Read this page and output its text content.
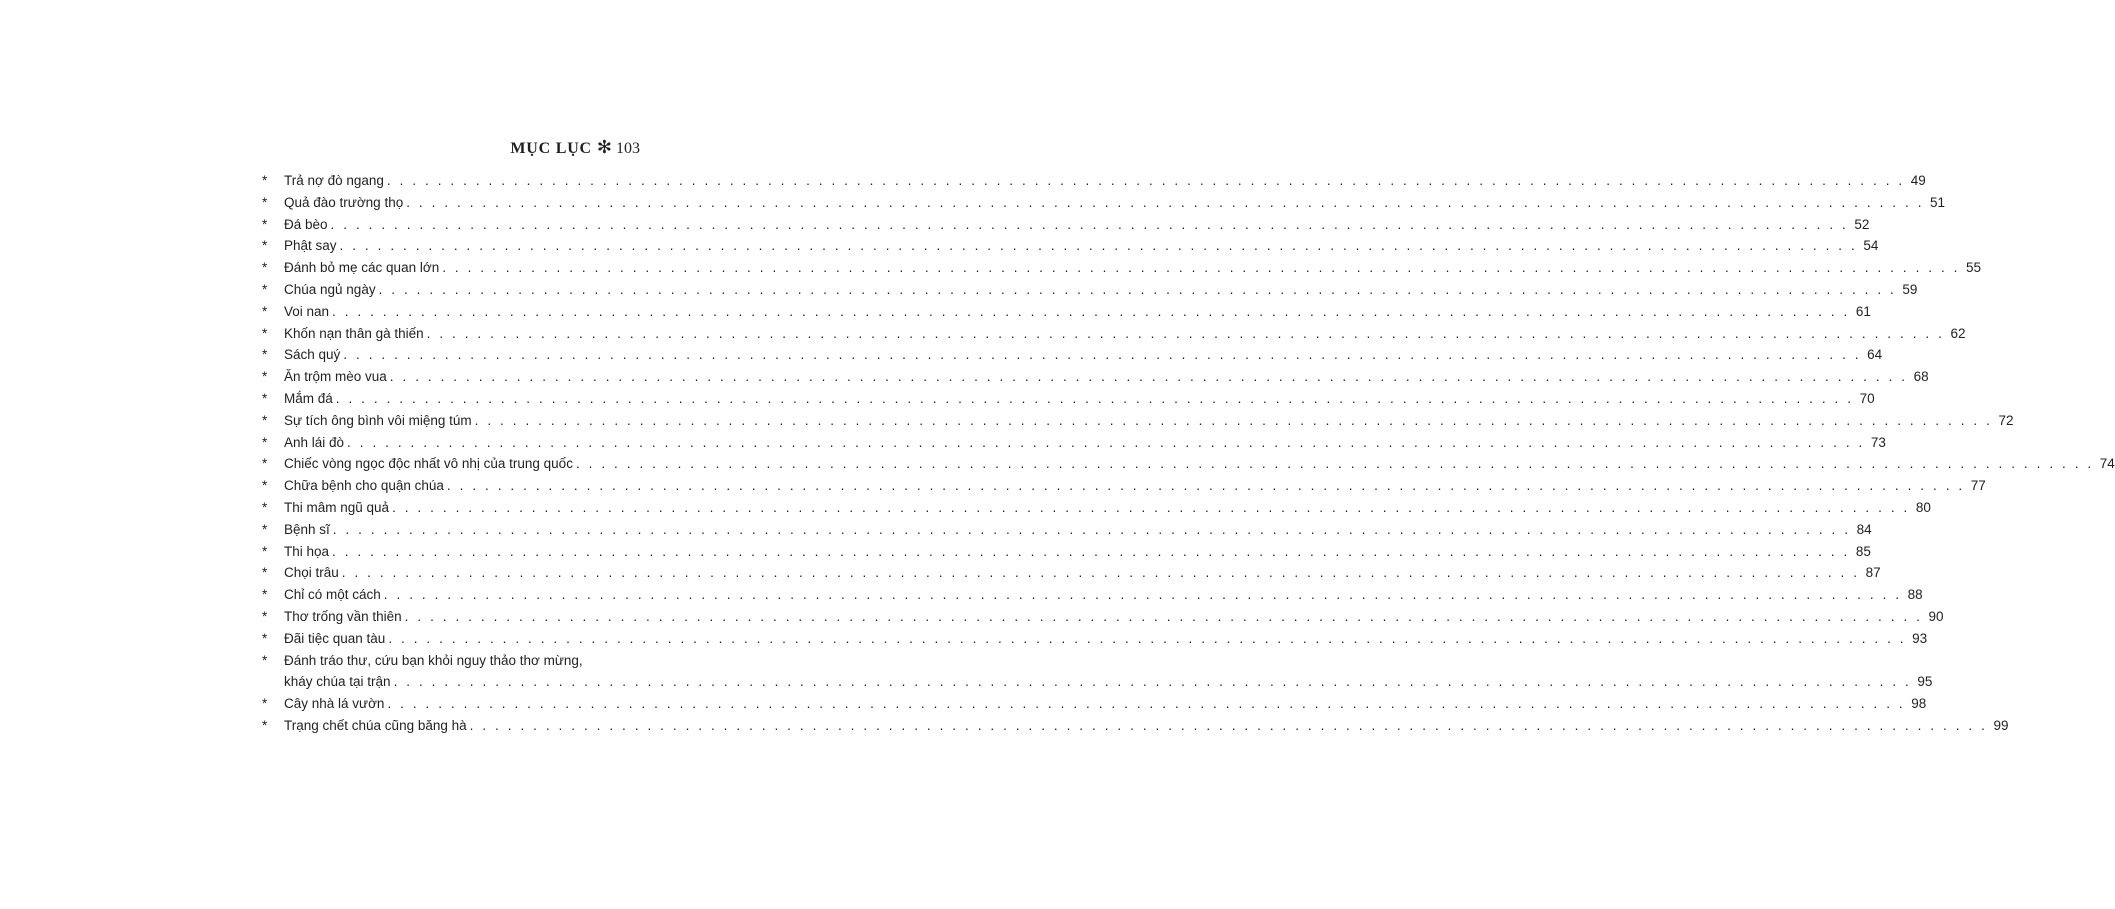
MỤC LỤC ✻ 103
* Trả nợ đò ngang . . . . . . . . . . . . . . . . . . . . . . . . . . . . . . . . . . . . . . . . . . . . . . . . . . . . . . . . . . . . . . . . . . . . . . . . . . . . . . . . . . . . . . . . . . . . . . . . . . . . . . . . . . . . . . . . . . . . . . . . 49
* Quả đào trường thọ . . . . . . . . . . . . . . . . . . . . . . . . . . . . . . . . . . . . . . . . . . . . . . . . . . . . . . . . . . . . . . . . . . . . . . . . . . . . . . . . . . . . . . . . . . . . . . . . . . . . . . . . . . . . . . . . . . . . . . . . 51
* Đá bèo . . . . . . . . . . . . . . . . . . . . . . . . . . . . . . . . . . . . . . . . . . . . . . . . . . . . . . . . . . . . . . . . . . . . . . . . . . . . . . . . . . . . . . . . . . . . . . . . . . . . . . . . . . . . . . . . . . . . . . . . 52
* Phật say . . . . . . . . . . . . . . . . . . . . . . . . . . . . . . . . . . . . . . . . . . . . . . . . . . . . . . . . . . . . . . . . . . . . . . . . . . . . . . . . . . . . . . . . . . . . . . . . . . . . . . . . . . . . . . . . . . . . . . . . 54
* Đánh bỏ mẹ các quan lớn . . . . . . . . . . . . . . . . . . . . . . . . . . . . . . . . . . . . . . . . . . . . . . . . . . . . . . . . . . . . . . . . . . . . . . . . . . . . . . . . . . . . . . . . . . . . . . . . . . . . . . . . . . . . . . . . . . . . . . . . 55
* Chúa ngủ ngày . . . . . . . . . . . . . . . . . . . . . . . . . . . . . . . . . . . . . . . . . . . . . . . . . . . . . . . . . . . . . . . . . . . . . . . . . . . . . . . . . . . . . . . . . . . . . . . . . . . . . . . . . . . . . . . . . . . . . . . . 59
* Voi nan . . . . . . . . . . . . . . . . . . . . . . . . . . . . . . . . . . . . . . . . . . . . . . . . . . . . . . . . . . . . . . . . . . . . . . . . . . . . . . . . . . . . . . . . . . . . . . . . . . . . . . . . . . . . . . . . . . . . . . . . 61
* Khốn nạn thân gà thiến . . . . . . . . . . . . . . . . . . . . . . . . . . . . . . . . . . . . . . . . . . . . . . . . . . . . . . . . . . . . . . . . . . . . . . . . . . . . . . . . . . . . . . . . . . . . . . . . . . . . . . . . . . . . . . . . . . . . . . . . 62
* Sách quý . . . . . . . . . . . . . . . . . . . . . . . . . . . . . . . . . . . . . . . . . . . . . . . . . . . . . . . . . . . . . . . . . . . . . . . . . . . . . . . . . . . . . . . . . . . . . . . . . . . . . . . . . . . . . . . . . . . . . . . . 64
* Ăn trộm mèo vua . . . . . . . . . . . . . . . . . . . . . . . . . . . . . . . . . . . . . . . . . . . . . . . . . . . . . . . . . . . . . . . . . . . . . . . . . . . . . . . . . . . . . . . . . . . . . . . . . . . . . . . . . . . . . . . . . . . . . . . . 68
* Mắm đá . . . . . . . . . . . . . . . . . . . . . . . . . . . . . . . . . . . . . . . . . . . . . . . . . . . . . . . . . . . . . . . . . . . . . . . . . . . . . . . . . . . . . . . . . . . . . . . . . . . . . . . . . . . . . . . . . . . . . . . . 70
* Sự tích ông bình vôi miệng túm . . . . . . . . . . . . . . . . . . . . . . . . . . . . . . . . . . . . . . . . . . . . . . . . . . . . . . . . . . . . . . . . . . . . . . . . . . . . . . . . . . . . . . . . . . . . . . . . . . . . . . . . . . . . . . . . . . . . . . . . 72
* Anh lái đò . . . . . . . . . . . . . . . . . . . . . . . . . . . . . . . . . . . . . . . . . . . . . . . . . . . . . . . . . . . . . . . . . . . . . . . . . . . . . . . . . . . . . . . . . . . . . . . . . . . . . . . . . . . . . . . . . . . . . . . . 73
* Chiếc vòng ngọc độc nhất vô nhị của trung quốc . . . . . . . . . . . . . . . . . . . . . . . . . . . . . . . . . . . . . . . . . . . . . . . . . . . . . . . . . . . . . . . . . . . . . . . . . . . . . . . . . . . . . . . . . . . . . . . . . . . . . . . . . . . . . . . . . . . . . . . . 74
* Chữa bệnh cho quận chúa . . . . . . . . . . . . . . . . . . . . . . . . . . . . . . . . . . . . . . . . . . . . . . . . . . . . . . . . . . . . . . . . . . . . . . . . . . . . . . . . . . . . . . . . . . . . . . . . . . . . . . . . . . . . . . . . . . . . . . . . 77
* Thi mâm ngũ quả . . . . . . . . . . . . . . . . . . . . . . . . . . . . . . . . . . . . . . . . . . . . . . . . . . . . . . . . . . . . . . . . . . . . . . . . . . . . . . . . . . . . . . . . . . . . . . . . . . . . . . . . . . . . . . . . . . . . . . . . 80
* Bệnh sĩ . . . . . . . . . . . . . . . . . . . . . . . . . . . . . . . . . . . . . . . . . . . . . . . . . . . . . . . . . . . . . . . . . . . . . . . . . . . . . . . . . . . . . . . . . . . . . . . . . . . . . . . . . . . . . . . . . . . . . . . . 84
* Thi họa . . . . . . . . . . . . . . . . . . . . . . . . . . . . . . . . . . . . . . . . . . . . . . . . . . . . . . . . . . . . . . . . . . . . . . . . . . . . . . . . . . . . . . . . . . . . . . . . . . . . . . . . . . . . . . . . . . . . . . . . 85
* Chọi trâu . . . . . . . . . . . . . . . . . . . . . . . . . . . . . . . . . . . . . . . . . . . . . . . . . . . . . . . . . . . . . . . . . . . . . . . . . . . . . . . . . . . . . . . . . . . . . . . . . . . . . . . . . . . . . . . . . . . . . . . . 87
* Chỉ có một cách . . . . . . . . . . . . . . . . . . . . . . . . . . . . . . . . . . . . . . . . . . . . . . . . . . . . . . . . . . . . . . . . . . . . . . . . . . . . . . . . . . . . . . . . . . . . . . . . . . . . . . . . . . . . . . . . . . . . . . . . 88
* Thơ trống vần thiên . . . . . . . . . . . . . . . . . . . . . . . . . . . . . . . . . . . . . . . . . . . . . . . . . . . . . . . . . . . . . . . . . . . . . . . . . . . . . . . . . . . . . . . . . . . . . . . . . . . . . . . . . . . . . . . . . . . . . . . . 90
* Đãi tiệc quan tàu . . . . . . . . . . . . . . . . . . . . . . . . . . . . . . . . . . . . . . . . . . . . . . . . . . . . . . . . . . . . . . . . . . . . . . . . . . . . . . . . . . . . . . . . . . . . . . . . . . . . . . . . . . . . . . . . . . . . . . . . 93
* Đánh tráo thư, cứu bạn khỏi nguy thảo thơ mừng,
kháy chúa tại trận . . . . . . . . . . . . . . . . . . . . . . . . . . . . . . . . . . . . . . . . . . . . . . . . . . . . . . . . . . . . . . . . . . . . . . . . . . . . . . . . . . . . . . . . . . . . . . . . . . . . . . . . . . . . . . . . . . . . . . . . 95
* Cây nhà lá vườn . . . . . . . . . . . . . . . . . . . . . . . . . . . . . . . . . . . . . . . . . . . . . . . . . . . . . . . . . . . . . . . . . . . . . . . . . . . . . . . . . . . . . . . . . . . . . . . . . . . . . . . . . . . . . . . . . . . . . . . . 98
* Trạng chết chúa cũng băng hà . . . . . . . . . . . . . . . . . . . . . . . . . . . . . . . . . . . . . . . . . . . . . . . . . . . . . . . . . . . . . . . . . . . . . . . . . . . . . . . . . . . . . . . . . . . . . . . . . . . . . . . . . . . . . . . . . . . . . . . . 99
